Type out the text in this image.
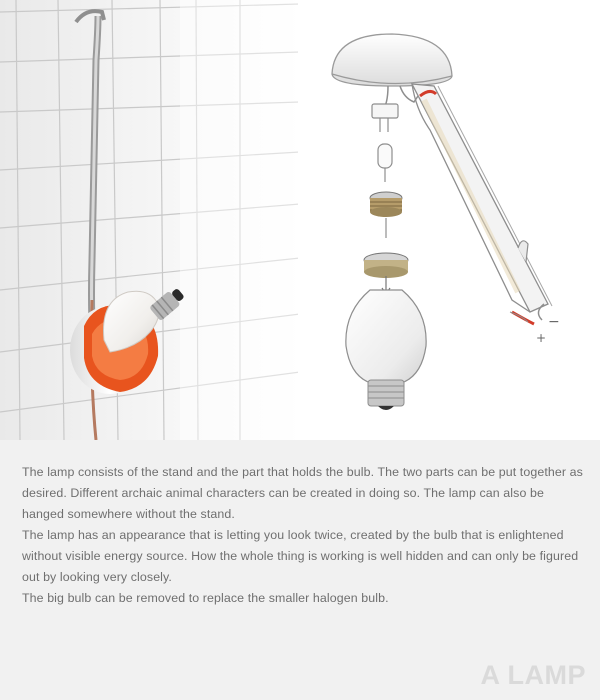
+
−

The lamp consists of the stand and the part that holds the bulb. The two parts can be put together as desired. Different archaic animal characters can be created in doing so. The lamp can also be hanged somewhere without the stand.

The lamp has an appearance that is letting you look twice, created by the bulb that is enlightened without visible energy source. How the whole thing is working is well hidden and can only be figured out by looking very closely.

The big bulb can be removed to replace the smaller halogen bulb.

A LAMP
